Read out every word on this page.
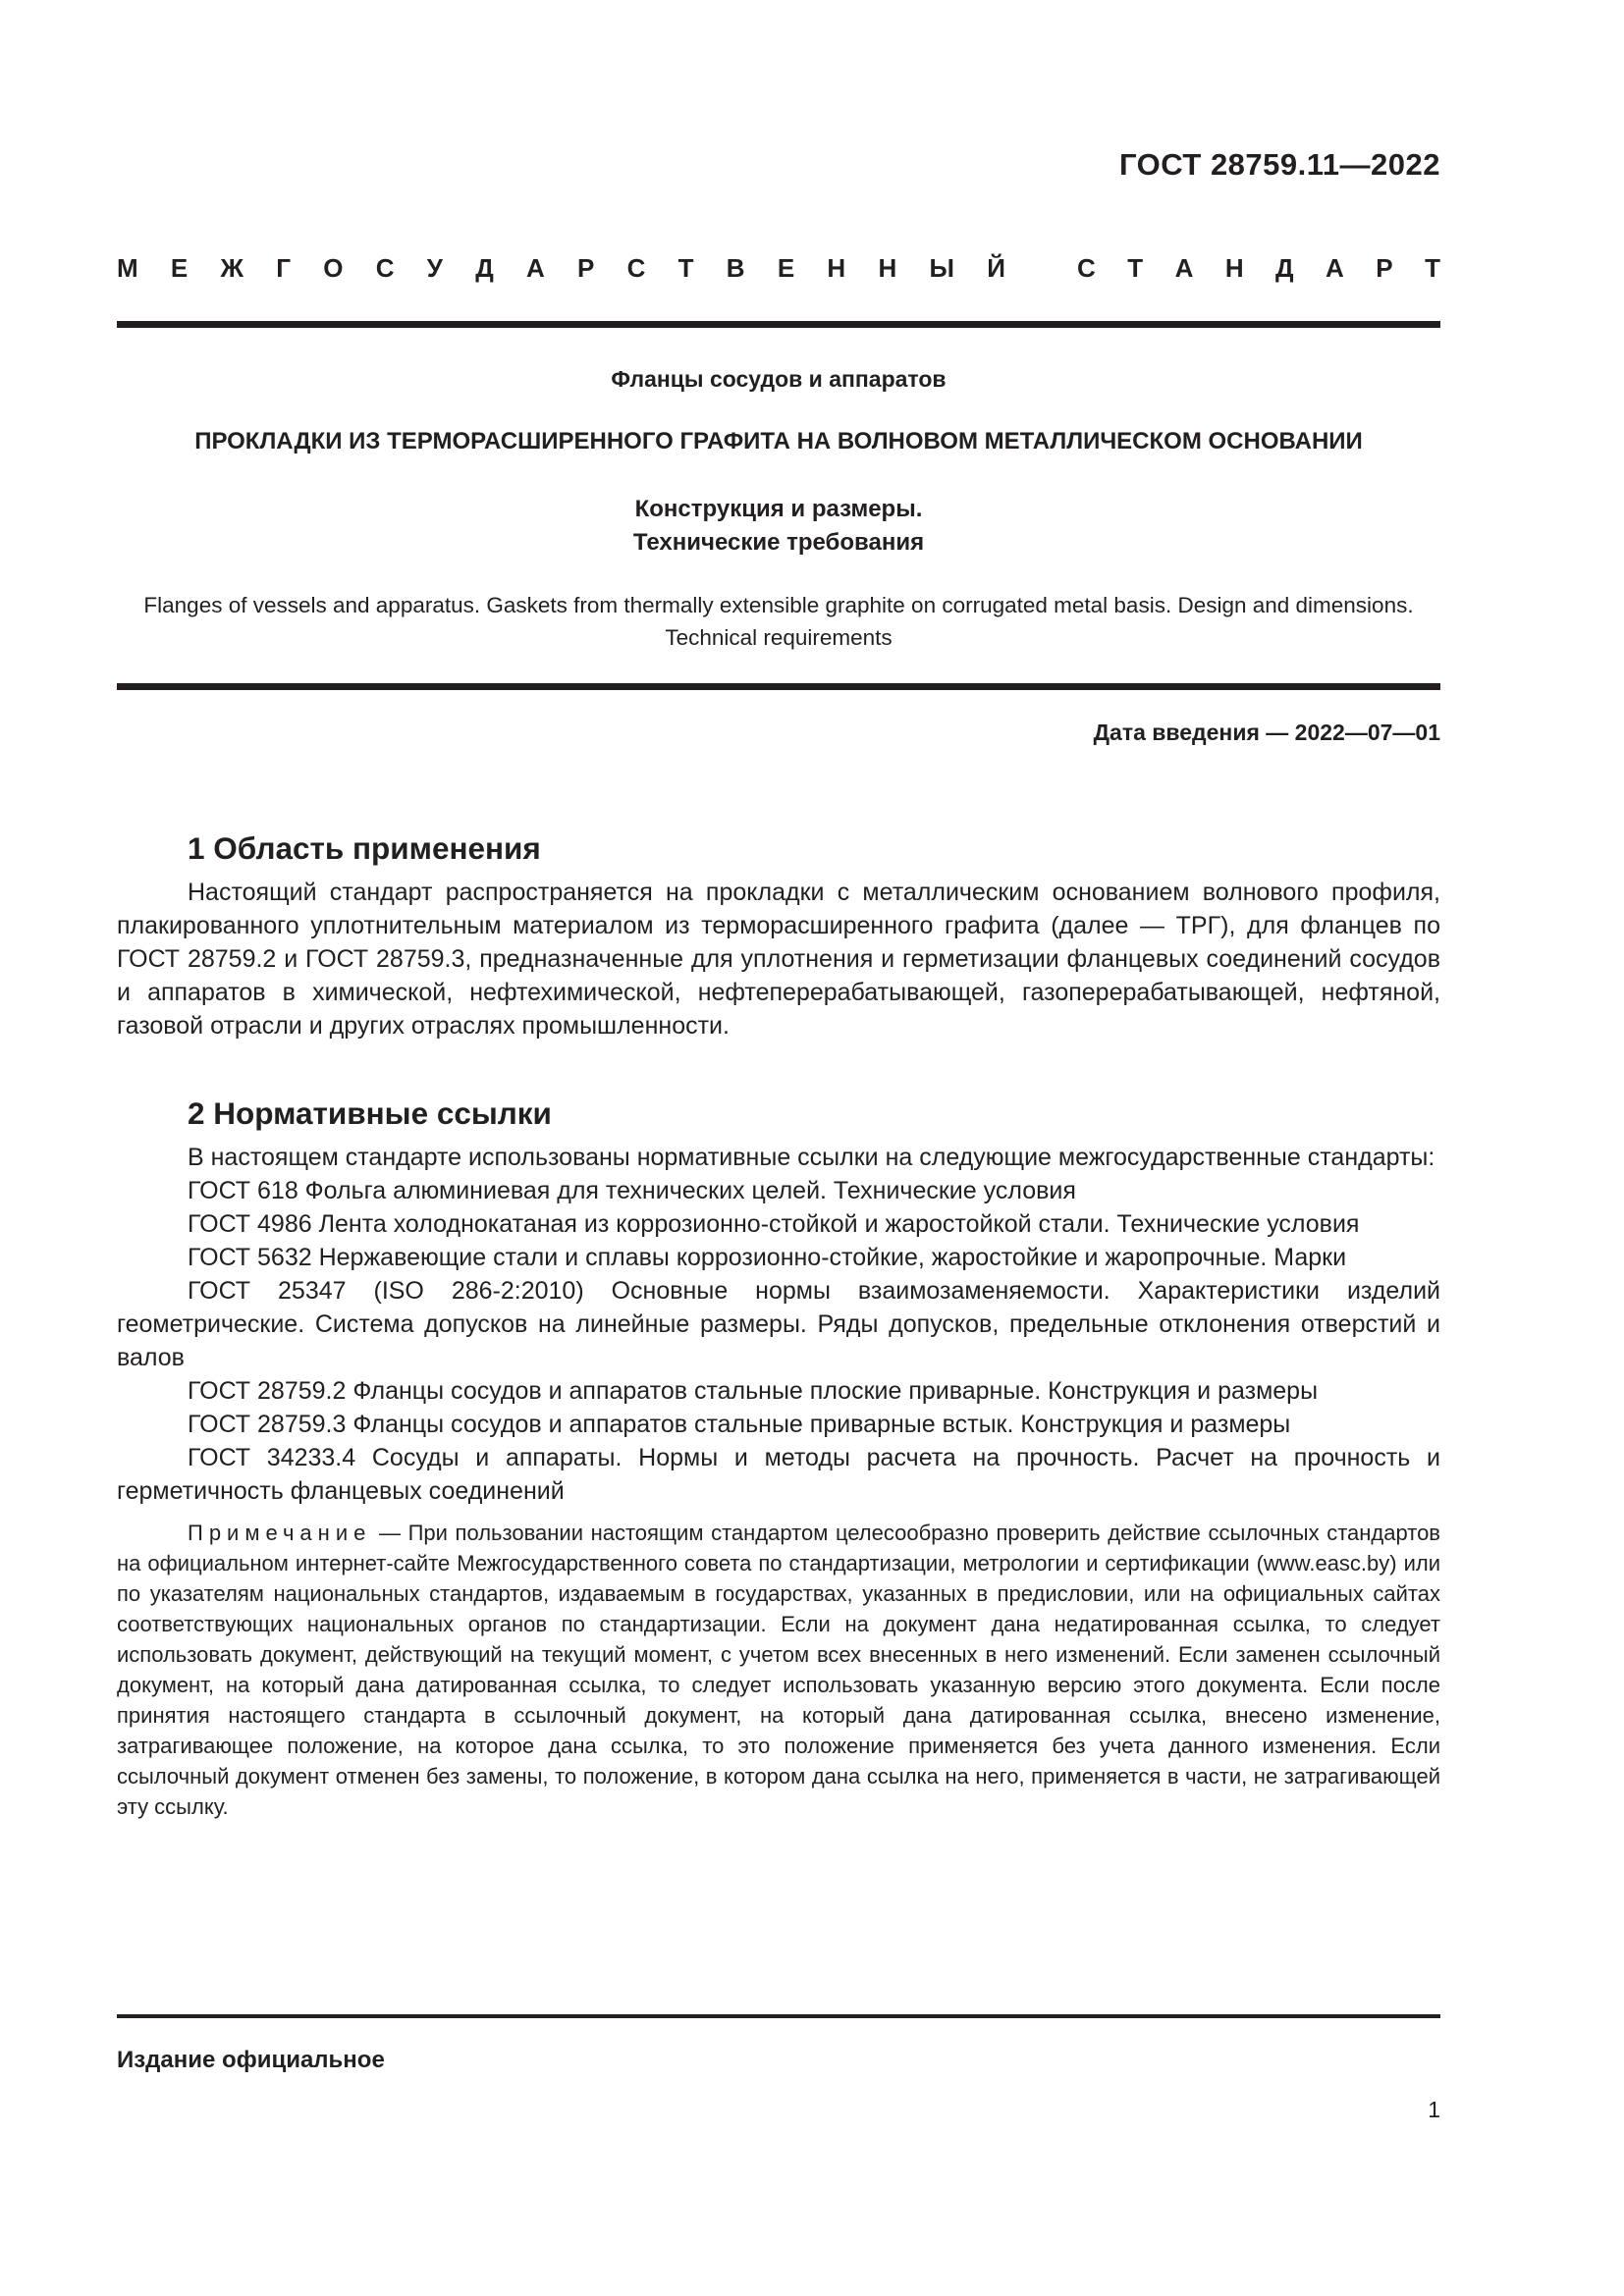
ГОСТ 28759.11—2022
М Е Ж Г О С У Д А Р С Т В Е Н Н Ы Й	С Т А Н Д А Р Т
Фланцы сосудов и аппаратов
ПРОКЛАДКИ ИЗ ТЕРМОРАСШИРЕННОГО ГРАФИТА НА ВОЛНОВОМ МЕТАЛЛИЧЕСКОМ ОСНОВАНИИ
Конструкция и размеры.
Технические требования
Flanges of vessels and apparatus. Gaskets from thermally extensible graphite on corrugated metal basis. Design and dimensions. Technical requirements
Дата введения — 2022—07—01
1 Область применения

Настоящий стандарт распространяется на прокладки с металлическим основанием волнового профиля, плакированного уплотнительным материалом из терморасширенного графита (далее — ТРГ), для фланцев по ГОСТ 28759.2 и ГОСТ 28759.3, предназначенные для уплотнения и герметизации фланцевых соединений сосудов и аппаратов в химической, нефтехимической, нефтеперерабатывающей, газоперерабатывающей, нефтяной, газовой отрасли и других отраслях промышленности.

2 Нормативные ссылки

В настоящем стандарте использованы нормативные ссылки на следующие межгосударственные стандарты:

ГОСТ 618 Фольга алюминиевая для технических целей. Технические условия

ГОСТ 4986 Лента холоднокатаная из коррозионно-стойкой и жаростойкой стали. Технические условия

ГОСТ 5632 Нержавеющие стали и сплавы коррозионно-стойкие, жаростойкие и жаропрочные. Марки

ГОСТ 25347 (ISO 286-2:2010) Основные нормы взаимозаменяемости. Характеристики изделий геометрические. Система допусков на линейные размеры. Ряды допусков, предельные отклонения отверстий и валов

ГОСТ 28759.2 Фланцы сосудов и аппаратов стальные плоские приварные. Конструкция и размеры

ГОСТ 28759.3 Фланцы сосудов и аппаратов стальные приварные встык. Конструкция и размеры

ГОСТ 34233.4 Сосуды и аппараты. Нормы и методы расчета на прочность. Расчет на прочность и герметичность фланцевых соединений

Примечание — При пользовании настоящим стандартом целесообразно проверить действие ссылочных стандартов на официальном интернет-сайте Межгосударственного совета по стандартизации, метрологии и сертификации (www.easc.by) или по указателям национальных стандартов, издаваемым в государствах, указанных в предисловии, или на официальных сайтах соответствующих национальных органов по стандартизации. Если на документ дана недатированная ссылка, то следует использовать документ, действующий на текущий момент, с учетом всех внесенных в него изменений. Если заменен ссылочный документ, на который дана датированная ссылка, то следует использовать указанную версию этого документа. Если после принятия настоящего стандарта в ссылочный документ, на который дана датированная ссылка, внесено изменение, затрагивающее положение, на которое дана ссылка, то это положение применяется без учета данного изменения. Если ссылочный документ отменен без замены, то положение, в котором дана ссылка на него, применяется в части, не затрагивающей эту ссылку.

Издание официальное
1
